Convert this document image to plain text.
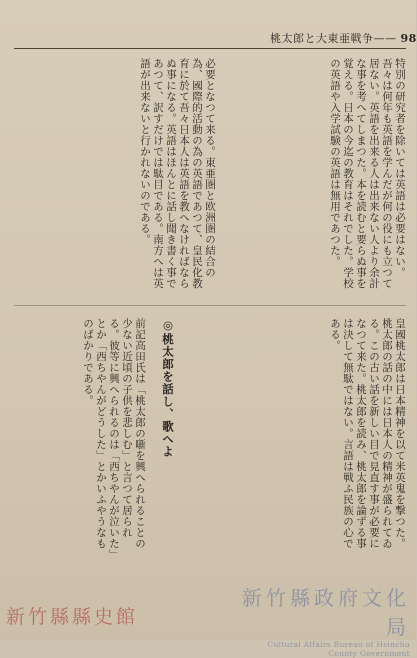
桃太郎と大東亜戦争—— 98
特別の研究者を除いては英語は必要はない。吾々は何年も英語を学んだが何の役にも立つて居ない。英語を出来る人は出来ない人より余計な事を考へてしまつた。本を読むと要らぬ事を覚える。日本の今迄の教育はそれでした。学校の英語や入学試験の英語は無用であつた。
必要となつて来る。東亜圏と欧洲圏の結合の為、國際的活動の為の英語であつて、皇民化教育に於て吾々日本人は英語を教へなければならぬ事になる。英語はほんとに話し聞き書く事であつて、訳すだけでは駄目である。南方へは英語が出来ないと行かれないのである。
皇國桃太郎は日本精神を以て米英鬼を撃つた。桃太郎の話の中には日本人の精神が盛られてゐる。この古い話を新しい目で見直す事が必要になつて来た。桃太郎を読み、桃太郎を論ずる事は決して無駄ではない。言語は戦ふ民族の心である。
◎桃太郎を話し、歌へよ
前記高田氏は「桃太郎の噺を興へられることの少ない近頃の子供を悲しむ」と言つて居られる。彼等に興へられるのは「西ちやんが泣いた」とか「西ちやんがどうした」とかいふやうなものばかりである。
新竹縣政府文化局
Cultural Affairs Bureau of Hsinchu
County Government
新竹縣縣史館
